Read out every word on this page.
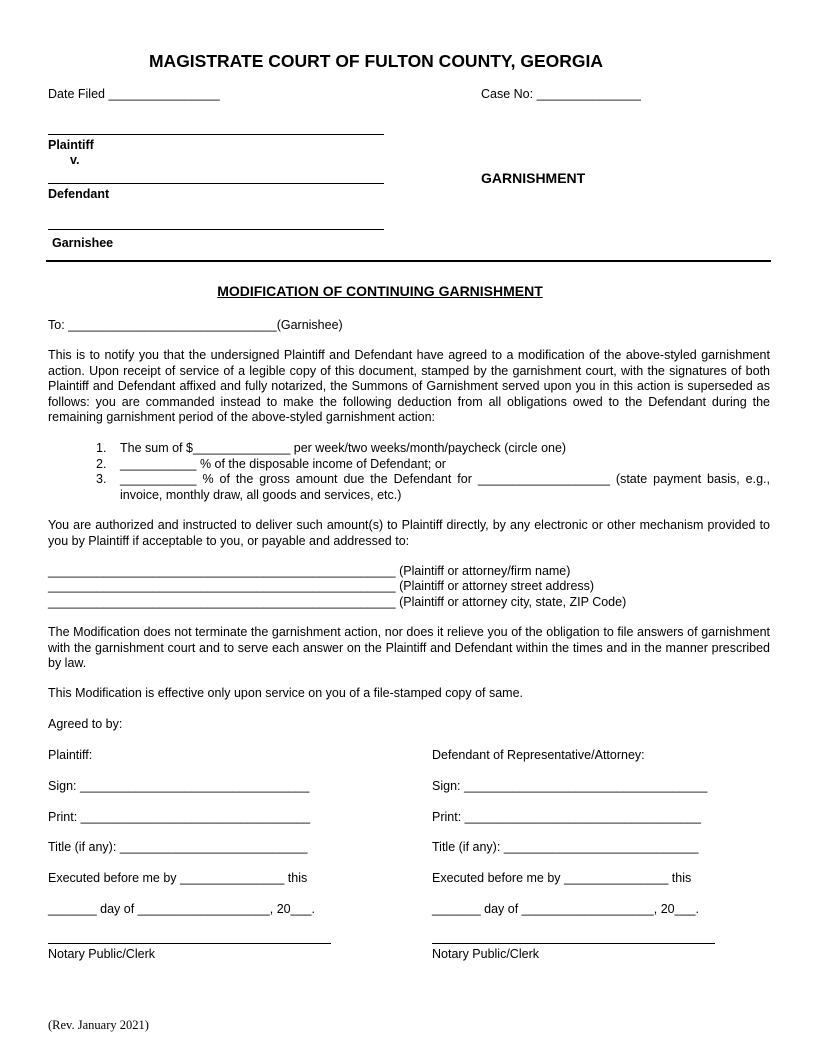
MAGISTRATE COURT OF FULTON COUNTY, GEORGIA
Date Filed ________________	Case No: _______________
Plaintiff
v.
Defendant
GARNISHMENT
Garnishee
MODIFICATION OF CONTINUING GARNISHMENT
To: ______________________________(Garnishee)
This is to notify you that the undersigned Plaintiff and Defendant have agreed to a modification of the above-styled garnishment action. Upon receipt of service of a legible copy of this document, stamped by the garnishment court, with the signatures of both Plaintiff and Defendant affixed and fully notarized, the Summons of Garnishment served upon you in this action is superseded as follows: you are commanded instead to make the following deduction from all obligations owed to the Defendant during the remaining garnishment period of the above-styled garnishment action:
1. The sum of $______________ per week/two weeks/month/paycheck (circle one)
2. ___________ % of the disposable income of Defendant; or
3. ___________ % of the gross amount due the Defendant for ___________________ (state payment basis, e.g., invoice, monthly draw, all goods and services, etc.)
You are authorized and instructed to deliver such amount(s) to Plaintiff directly, by any electronic or other mechanism provided to you by Plaintiff if acceptable to you, or payable and addressed to:
__________________________________________________ (Plaintiff or attorney/firm name)
__________________________________________________ (Plaintiff or attorney street address)
__________________________________________________ (Plaintiff or attorney city, state, ZIP Code)
The Modification does not terminate the garnishment action, nor does it relieve you of the obligation to file answers of garnishment with the garnishment court and to serve each answer on the Plaintiff and Defendant within the times and in the manner prescribed by law.
This Modification is effective only upon service on you of a file-stamped copy of same.
Agreed to by:
Plaintiff:
Sign: _________________________________
Print: _________________________________
Title (if any): ___________________________
Executed before me by _______________ this
_______ day of ___________________, 20___.
Notary Public/Clerk
Defendant of Representative/Attorney:
Sign: ___________________________________
Print: __________________________________
Title (if any): ____________________________
Executed before me by _______________ this
_______ day of ___________________, 20___.
Notary Public/Clerk
(Rev. January 2021)
